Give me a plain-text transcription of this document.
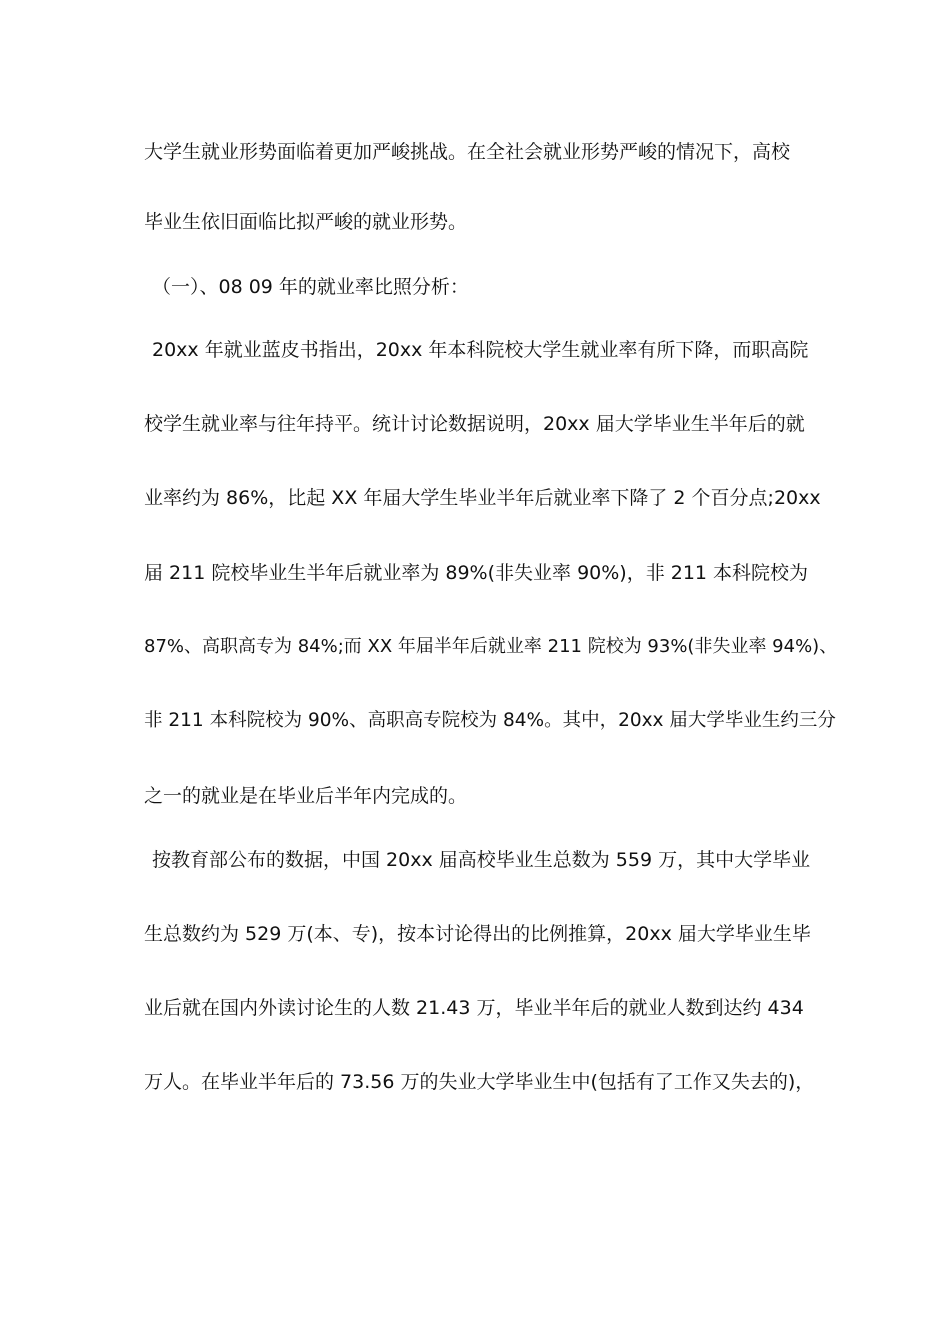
大学生就业形势面临着更加严峻挑战。在全社会就业形势严峻的情况下，高校
毕业生依旧面临比拟严峻的就业形势。
（一）、08 09 年的就业率比照分析：
20xx 年就业蓝皮书指出，20xx 年本科院校大学生就业率有所下降，而职高院
校学生就业率与往年持平。统计讨论数据说明，20xx 届大学毕业生半年后的就
业率约为 86%，比起 XX 年届大学生毕业半年后就业率下降了 2 个百分点;20xx
届 211 院校毕业生半年后就业率为 89%(非失业率 90%)，非 211 本科院校为
87%、高职高专为 84%;而 XX 年届半年后就业率 211 院校为 93%(非失业率 94%)、
非 211 本科院校为 90%、高职高专院校为 84%。其中，20xx 届大学毕业生约三分
之一的就业是在毕业后半年内完成的。
按教育部公布的数据，中国 20xx 届高校毕业生总数为 559 万，其中大学毕业
生总数约为 529 万(本、专)，按本讨论得出的比例推算，20xx 届大学毕业生毕
业后就在国内外读讨论生的人数 21.43 万，毕业半年后的就业人数到达约 434
万人。在毕业半年后的 73.56 万的失业大学毕业生中(包括有了工作又失去的)，
